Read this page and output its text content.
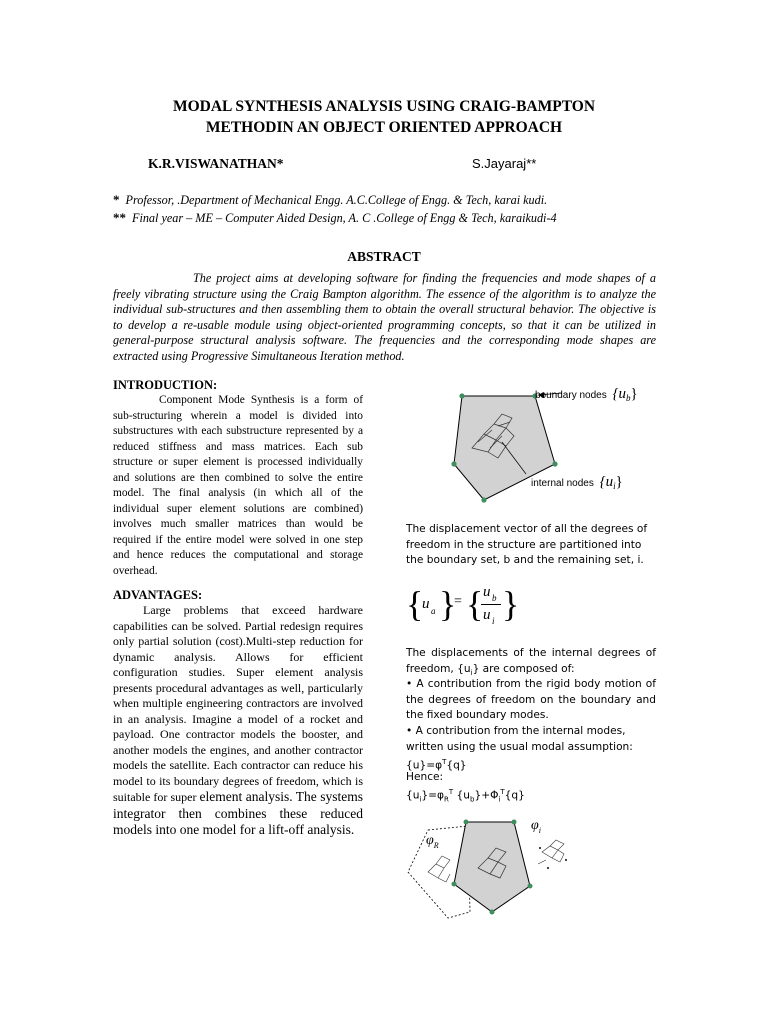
MODAL SYNTHESIS ANALYSIS USING CRAIG-BAMPTON
METHODIN AN OBJECT ORIENTED APPROACH
K.R.VISWANATHAN*	S.Jayaraj**
* Professor, .Department of Mechanical Engg. A.C.College of Engg. & Tech, karai kudi.
** Final year – ME – Computer Aided Design, A. C .College of Engg & Tech, karaikudi-4
ABSTRACT

The project aims at developing software for finding the frequencies and mode shapes of a freely vibrating structure using the Craig Bampton algorithm. The essence of the algorithm is to analyze the individual sub-structures and then assembling them to obtain the overall structural behavior. The objective is to develop a re-usable module using object-oriented programming concepts, so that it can be utilized in general-purpose structural analysis software. The frequencies and the corresponding mode shapes are extracted using Progressive Simultaneous Iteration method.

INTRODUCTION:

Component Mode Synthesis is a form of sub-structuring wherein a model is divided into substructures with each substructure represented by a reduced stiffness and mass matrices. Each sub structure or super element is processed individually and solutions are then combined to solve the entire model. The final analysis (in which all of the individual super element solutions are combined) involves much smaller matrices than would be required if the entire model were solved in one step and hence reduces the computational and storage overhead.

ADVANTAGES:

Large problems that exceed hardware capabilities can be solved. Partial redesign requires only partial solution (cost).Multi-step reduction for dynamic analysis. Allows for efficient configuration studies. Super element analysis presents procedural advantages as well, particularly when multiple engineering contractors are involved in an analysis. Imagine a model of a rocket and payload. One contractor models the booster, and another models the engines, and another contractor models the satellite. Each contractor can reduce his model to its boundary degrees of freedom, which is suitable for super element analysis. The systems integrator then combines these reduced models into one model for a lift-off analysis.

boundary nodes $\{u_b\}$
internal nodes $\{u_i\}$

The displacement vector of all the degrees of freedom in the structure are partitioned into the boundary set, b and the remaining set, i.

{
u a }
= { u b
u i }

The displacements of the internal degrees of freedom, $\{u_i\}$ are composed of:

• A contribution from the rigid body motion of the degrees of freedom on the boundary and the fixed boundary modes.

• A contribution from the internal modes, written using the usual modal assumption:

$\{u\}=\varphi^T\{q\}$

Hence:

$\{u_i\}=\varphi_R^T$ $\{u_b\}+\Phi_i^T\{q\}$

$\varphi_R$
$\varphi_i$
